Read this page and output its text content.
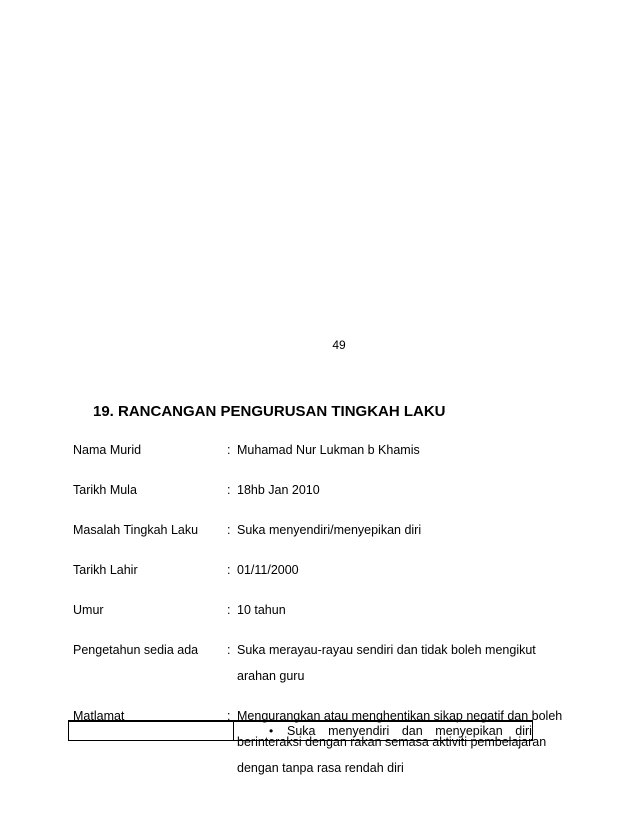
49
19. RANCANGAN PENGURUSAN TINGKAH LAKU
Nama Murid	: Muhamad Nur Lukman b Khamis
Tarikh Mula	: 18hb Jan 2010
Masalah Tingkah Laku	: Suka menyendiri/menyepikan diri
Tarikh Lahir	: 01/11/2000
Umur	: 10 tahun
Pengetahun sedia ada	: Suka merayau-rayau sendiri dan tidak boleh mengikut
arahan guru
Matlamat	: Mengurangkan atau menghentikan sikap negatif dan boleh
berinteraksi dengan rakan semasa aktiviti pembelajaran
dengan tanpa rasa rendah diri
•	Suka menyendiri dan menyepikan diri
